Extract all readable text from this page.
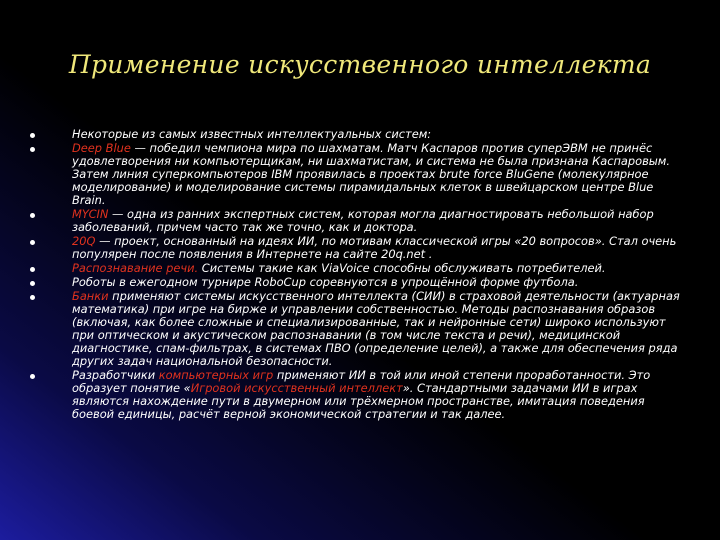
Применение искусственного интеллекта
Некоторые из самых известных интеллектуальных систем:
Deep Blue — победил чемпиона мира по шахматам. Матч Каспаров против суперЭВМ не принёс удовлетворения ни компьютерщикам, ни шахматистам, и система не была признана Каспаровым. Затем линия суперкомпьютеров IBM проявилась в проектах brute force BluGene (молекулярное моделирование) и моделирование системы пирамидальных клеток в швейцарском центре Blue Brain.
MYCIN — одна из ранних экспертных систем, которая могла диагностировать небольшой набор заболеваний, причем часто так же точно, как и доктора.
20Q — проект, основанный на идеях ИИ, по мотивам классической игры «20 вопросов». Стал очень популярен после появления в Интернете на сайте 20q.net .
Распознавание речи. Системы такие как ViaVoice способны обслуживать потребителей.
Роботы в ежегодном турнире RoboCup соревнуются в упрощённой форме футбола.
Банки применяют системы искусственного интеллекта (СИИ) в страховой деятельности (актуарная математика) при игре на бирже и управлении собственностью. Методы распознавания образов (включая, как более сложные и специализированные, так и нейронные сети) широко используют при оптическом и акустическом распознавании (в том числе текста и речи), медицинской диагностике, спам-фильтрах, в системах ПВО (определение целей), а также для обеспечения ряда других задач национальной безопасности.
Разработчики компьютерных игр применяют ИИ в той или иной степени проработанности. Это образует понятие «Игровой искусственный интеллект». Стандартными задачами ИИ в играх являются нахождение пути в двумерном или трёхмерном пространстве, имитация поведения боевой единицы, расчёт верной экономической стратегии и так далее.
